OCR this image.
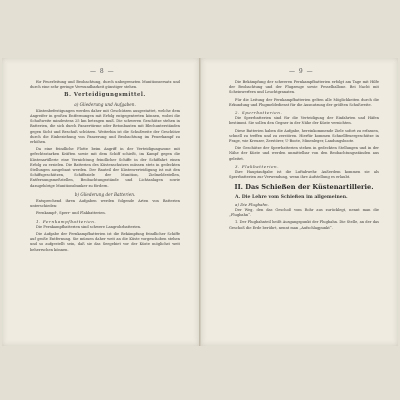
— 8 —

für Feuerleitung und Beobachtung, durch unbegrenzten Munitionsersatz und durch eine sehr geringe Verwundbarkeit günstiger stehen.

B. Verteidigungsmittel.
a) Gliederung und Aufgaben.

Küstenbefestigungen werden daher mit Geschützen ausgestattet, welche dem Angreifer in großen Entfernungen mit Erfolg entgegentreten können, wobei die Schußweite mindestens 25 km betragen muß. Die schweren Geschütze stehen in Batterien, die sich durch Panzertürme oder Betonbauten mit Blechunterständen gegen Sicht und Beschuß schützen. Weiterhin ist die Schußweite der Geschütze durch die Einbeziehung von Panzerung und Beobachtung im Feuerkampf zu erhöhen.

Da eine feindliche Flotte beim Angriff in der Verteidigungszone mit gefechtsstarken Kräften sowie mit dem Schiff schießt, im Kampf gegen die Küstenartillerie eine Vernichtung feindlicher Schiffe in der Schiffahrt einen Erfolg zu erzielen. Die Batterien des Küstenschutzes müssen stets in gedeckten Stellungen ausgebaut werden. Der Bauteil der Küstenverteidigung ist mit den Schiffsgeschützen, Schiffsziele der Munition, Zielmeldestellen, Entfernungsmeßstellen, Beobachtungsstände und Lichtanlagen sowie dazugehörige Munitionsbunker zu fördern.

b) Gliederung der Batterien.

Entsprechend ihren Aufgaben werden folgende Arten von Batterien unterschieden:

Fernkampf-, Sperr- und Flakbatterien.

1. Fernkampfbatterien.

Die Fernkampfbatterien sind schwere Langrohrbatterien.

Die Aufgabe der Fernkampfbatterien ist die Bekämpfung feindlicher Schiffe auf große Entfernung. Sie müssen daher weit an die Küste vorgeschoben stehen und so aufgestellt sein, daß sie das Seegebiet vor der Küste möglichst weit beherrschen können.

— 9 —

Die Bekämpfung der schweren Fernkampfbatterien erfolgt am Tage mit Hilfe der Beobachtung und der Flugzeuge sowie Fesselballone. Bei Nacht mit Scheinwerfern und Leuchtgranaten.

Für die Leitung der Fernkampfbatterien gelten alle Möglichkeiten durch die Erkundung und Flugmeldedienst für die Ausnutzung der größten Schußweite.

2. Sperrbatterien.

Die Sperrbatterien sind für die Verteidigung der Einfahrten und Häfen bestimmt. Sie sollen den Gegner in der Nähe der Küste vernichten.

Diese Batterien haben die Aufgabe, hereinkommende Ziele sofort zu erfassen, schnell zu treffen und zu zerstören. Hierfür kommen Schnellfeuergeschütze in Frage, wie Kreuzer, Zerstörer, U-Boote, Minenleger, Landungsboote.

Die Geschütze der Sperrbatterien stehen in gedeckten Stellungen und in der Nähe der Küste und werden unmittelbar von den Beobachtungsständen aus geleitet.

3. Flakbatterien.

Ihre Hauptaufgabe ist die Luftabwehr. Außerdem kommen sie als Sperrbatterien zur Verwendung, wenn ihre Aufstellung es erlaubt.

II. Das Schießen der Küstenartillerie.
A. Die Lehre vom Schießen im allgemeinen.
a) Die Flugbahn.

Der Weg, den das Geschoß vom Rohr aus zurücklegt, nennt man die „Flugbahn“.

1. Der Flugbahnteil heißt Ausgangspunkt der Flugbahn. Die Stelle, an der das Geschoß die Erde berührt, nennt man „Aufschlagpunkt“.
